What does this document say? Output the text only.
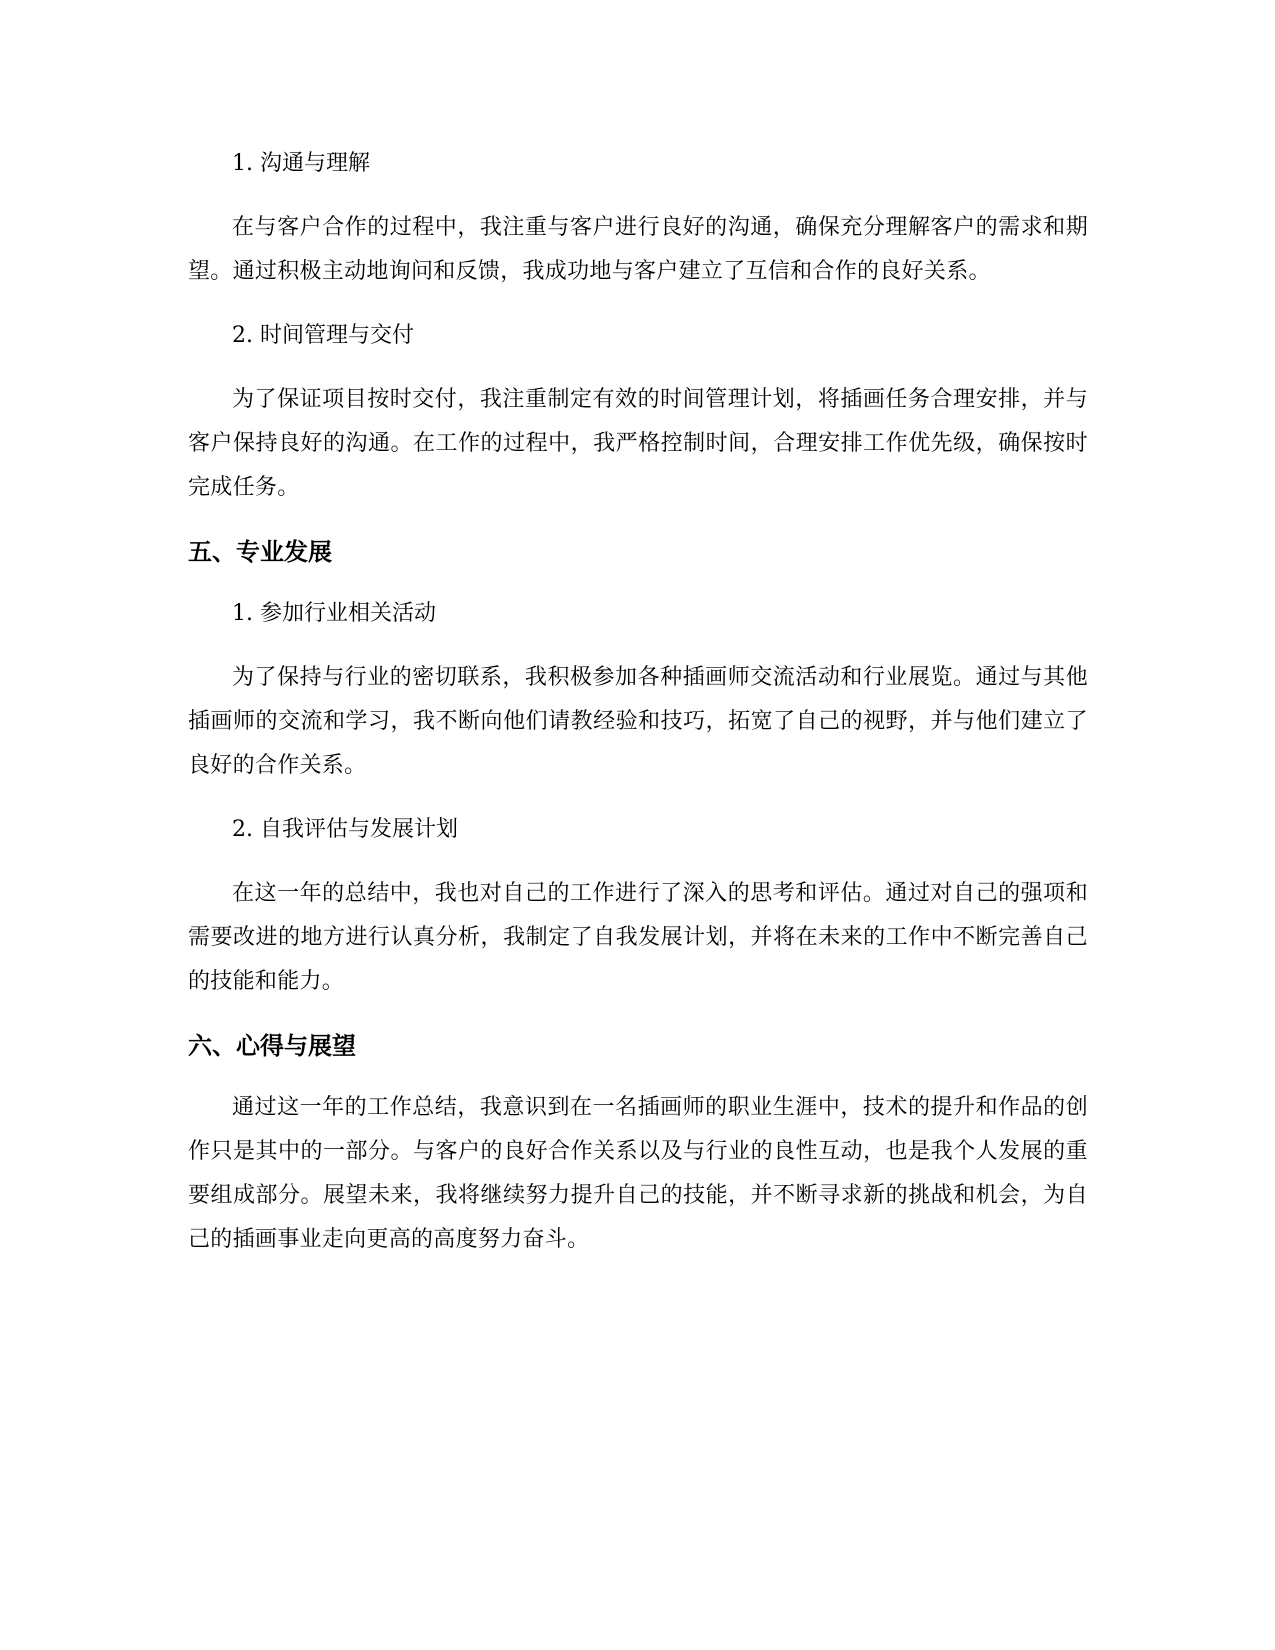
1. 沟通与理解

在与客户合作的过程中，我注重与客户进行良好的沟通，确保充分理解客户的需求和期望。通过积极主动地询问和反馈，我成功地与客户建立了互信和合作的良好关系。

2. 时间管理与交付

为了保证项目按时交付，我注重制定有效的时间管理计划，将插画任务合理安排，并与客户保持良好的沟通。在工作的过程中，我严格控制时间，合理安排工作优先级，确保按时完成任务。

五、专业发展

1. 参加行业相关活动

为了保持与行业的密切联系，我积极参加各种插画师交流活动和行业展览。通过与其他插画师的交流和学习，我不断向他们请教经验和技巧，拓宽了自己的视野，并与他们建立了良好的合作关系。

2. 自我评估与发展计划

在这一年的总结中，我也对自己的工作进行了深入的思考和评估。通过对自己的强项和需要改进的地方进行认真分析，我制定了自我发展计划，并将在未来的工作中不断完善自己的技能和能力。

六、心得与展望

通过这一年的工作总结，我意识到在一名插画师的职业生涯中，技术的提升和作品的创作只是其中的一部分。与客户的良好合作关系以及与行业的良性互动，也是我个人发展的重要组成部分。展望未来，我将继续努力提升自己的技能，并不断寻求新的挑战和机会，为自己的插画事业走向更高的高度努力奋斗。
